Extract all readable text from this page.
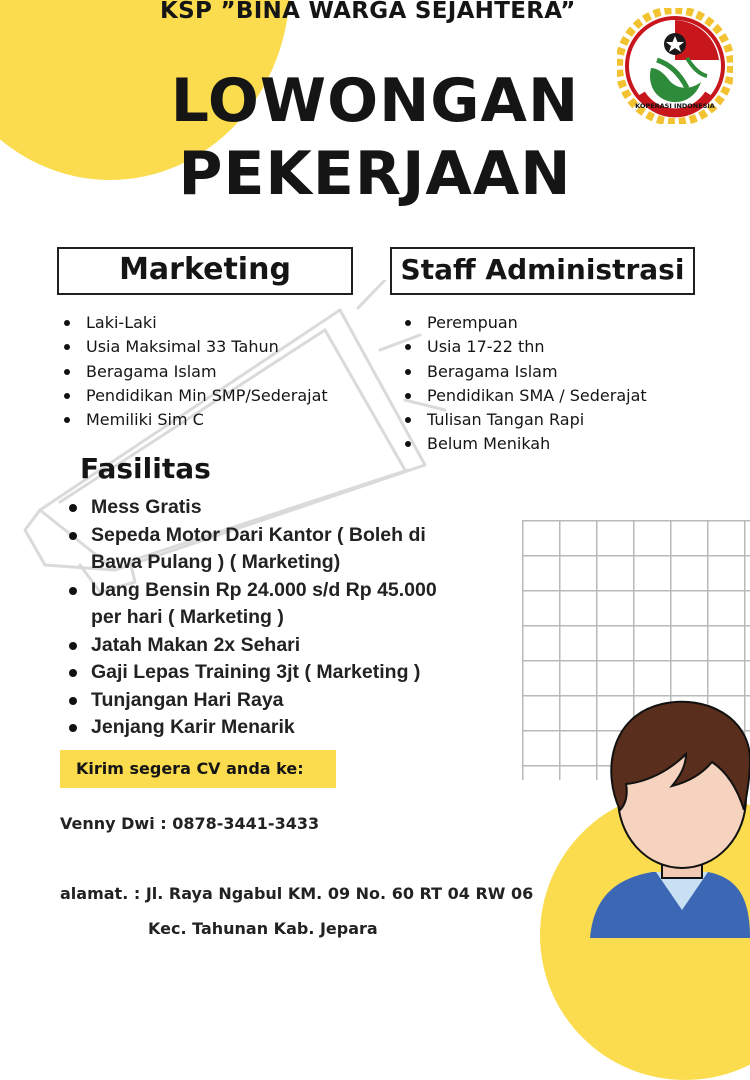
KSP ”BINA WARGA SEJAHTERA”
KOPERASI INDONESIA
LOWONGAN
PEKERJAAN
Marketing	Staff Administrasi
Laki-Laki
Usia Maksimal 33 Tahun
Beragama Islam
Pendidikan Min SMP/Sederajat
Memiliki Sim C
Perempuan
Usia 17-22 thn
Beragama Islam
Pendidikan SMA / Sederajat
Tulisan Tangan Rapi
Belum Menikah
Fasilitas
Mess Gratis
Sepeda Motor Dari Kantor ( Boleh di Bawa Pulang ) ( Marketing)
Uang Bensin Rp 24.000 s/d Rp 45.000 per hari ( Marketing )
Jatah Makan 2x Sehari
Gaji Lepas Training 3jt ( Marketing )
Tunjangan Hari Raya
Jenjang Karir Menarik
Kirim segera CV anda ke:
Venny Dwi : 0878-3441-3433
alamat. : Jl. Raya Ngabul KM. 09 No. 60 RT 04 RW 06
Kec. Tahunan Kab. Jepara
